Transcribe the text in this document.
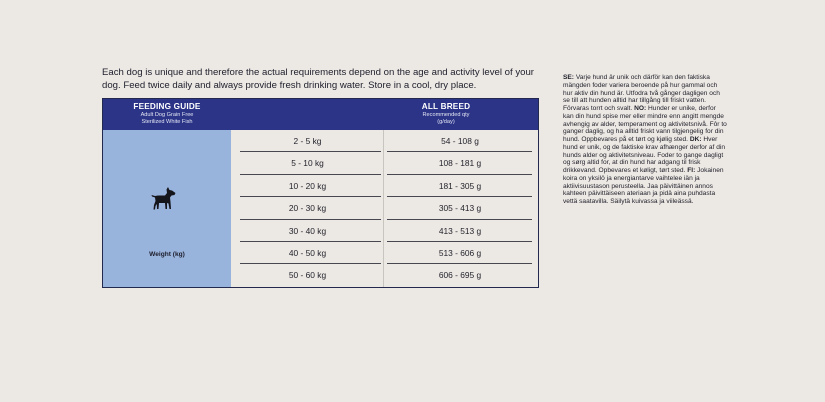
Each dog is unique and therefore the actual requirements depend on the age and activity level of your dog. Feed twice daily and always provide fresh drinking water. Store in a cool, dry place.
FEEDING GUIDE
Adult Dog Grain Free
Sterilized White Fish
ALL BREED
Recommended qty
(g/day)
Weight (kg)
2 - 5 kg	54 - 108 g
5 - 10 kg	108 - 181 g
10 - 20 kg	181 - 305 g
20 - 30 kg	305 - 413 g
30 - 40 kg	413 - 513 g
40 - 50 kg	513 - 606 g
50 - 60 kg	606 - 695 g
SE: Varje hund är unik och därför kan den faktiska mängden foder variera beroende på hur gammal och hur aktiv din hund är. Utfodra två gånger dagligen och se till att hunden alltid har tillgång till friskt vatten. Förvaras torrt och svalt. NO: Hunder er unike, derfor kan din hund spise mer eller mindre enn angitt mengde avhengig av alder, temperament og aktivitetsnivå. Fôr to ganger daglig, og ha alltid friskt vann tilgjengelig for din hund. Oppbevares på et tørt og kjølig sted. DK: Hver hund er unik, og de faktiske krav afhænger derfor af din hunds alder og aktivitetsniveau. Foder to gange dagligt og sørg altid for, at din hund har adgang til frisk drikkevand. Opbevares et køligt, tørt sted. FI: Jokainen koira on yksilö ja energiantarve vaihtelee iän ja aktiivisuustason perusteella. Jaa päivittäinen annos kahteen päivittäiseen ateriaan ja pidä aina puhdasta vettä saatavilla. Säilytä kuivassa ja viileässä.
